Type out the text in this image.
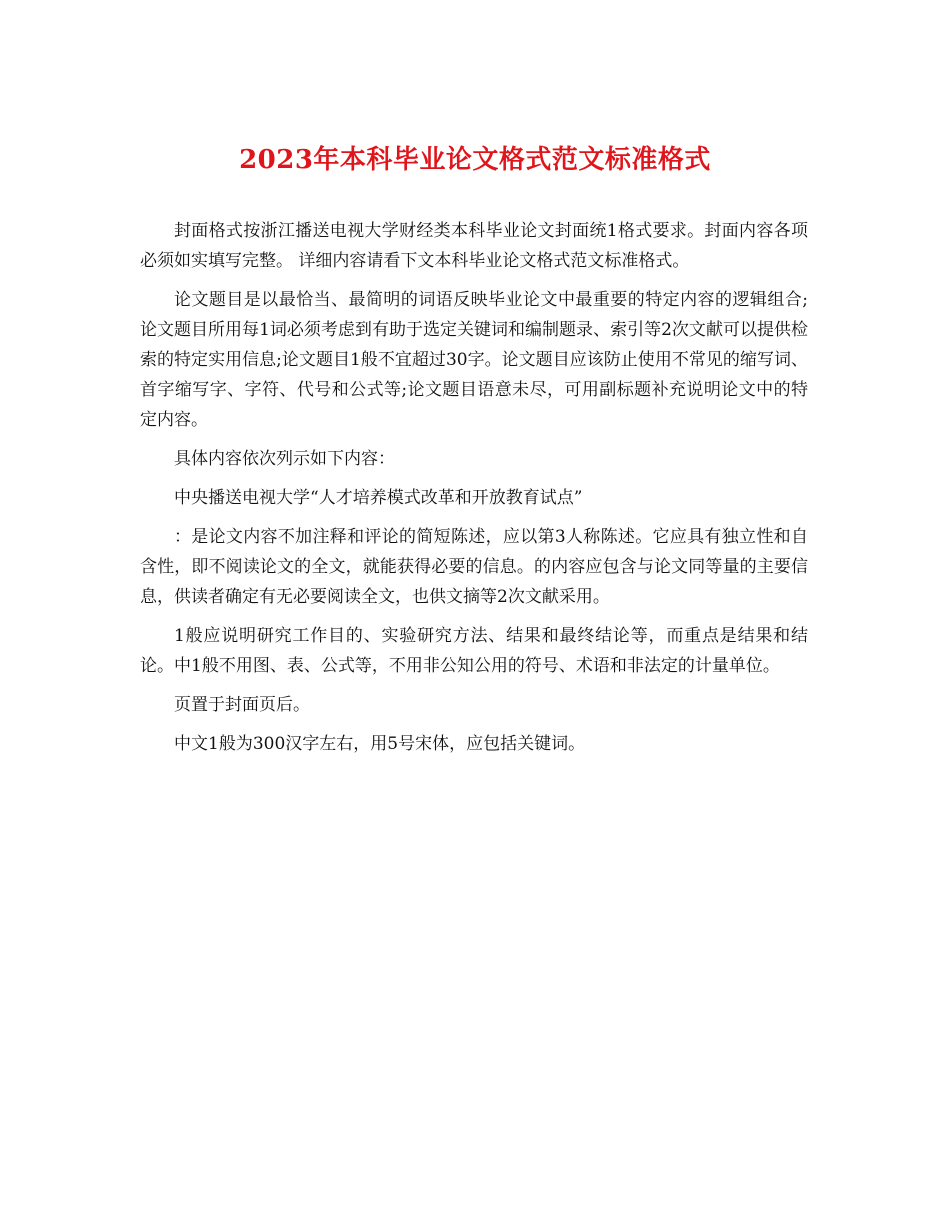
2023年本科毕业论文格式范文标准格式

封面格式按浙江播送电视大学财经类本科毕业论文封面统1格式要求。封面内容各项必须如实填写完整。 详细内容请看下文本科毕业论文格式范文标准格式。

论文题目是以最恰当、最简明的词语反映毕业论文中最重要的特定内容的逻辑组合;论文题目所用每1词必须考虑到有助于选定关键词和编制题录、索引等2次文献可以提供检索的特定实用信息;论文题目1般不宜超过30字。论文题目应该防止使用不常见的缩写词、首字缩写字、字符、代号和公式等;论文题目语意未尽，可用副标题补充说明论文中的特定内容。

具体内容依次列示如下内容：

中央播送电视大学“人才培养模式改革和开放教育试点”

：是论文内容不加注释和评论的简短陈述，应以第3人称陈述。它应具有独立性和自含性，即不阅读论文的全文，就能获得必要的信息。的内容应包含与论文同等量的主要信息，供读者确定有无必要阅读全文，也供文摘等2次文献采用。

1般应说明研究工作目的、实验研究方法、结果和最终结论等，而重点是结果和结论。中1般不用图、表、公式等，不用非公知公用的符号、术语和非法定的计量单位。

页置于封面页后。

中文1般为300汉字左右，用5号宋体，应包括关键词。
